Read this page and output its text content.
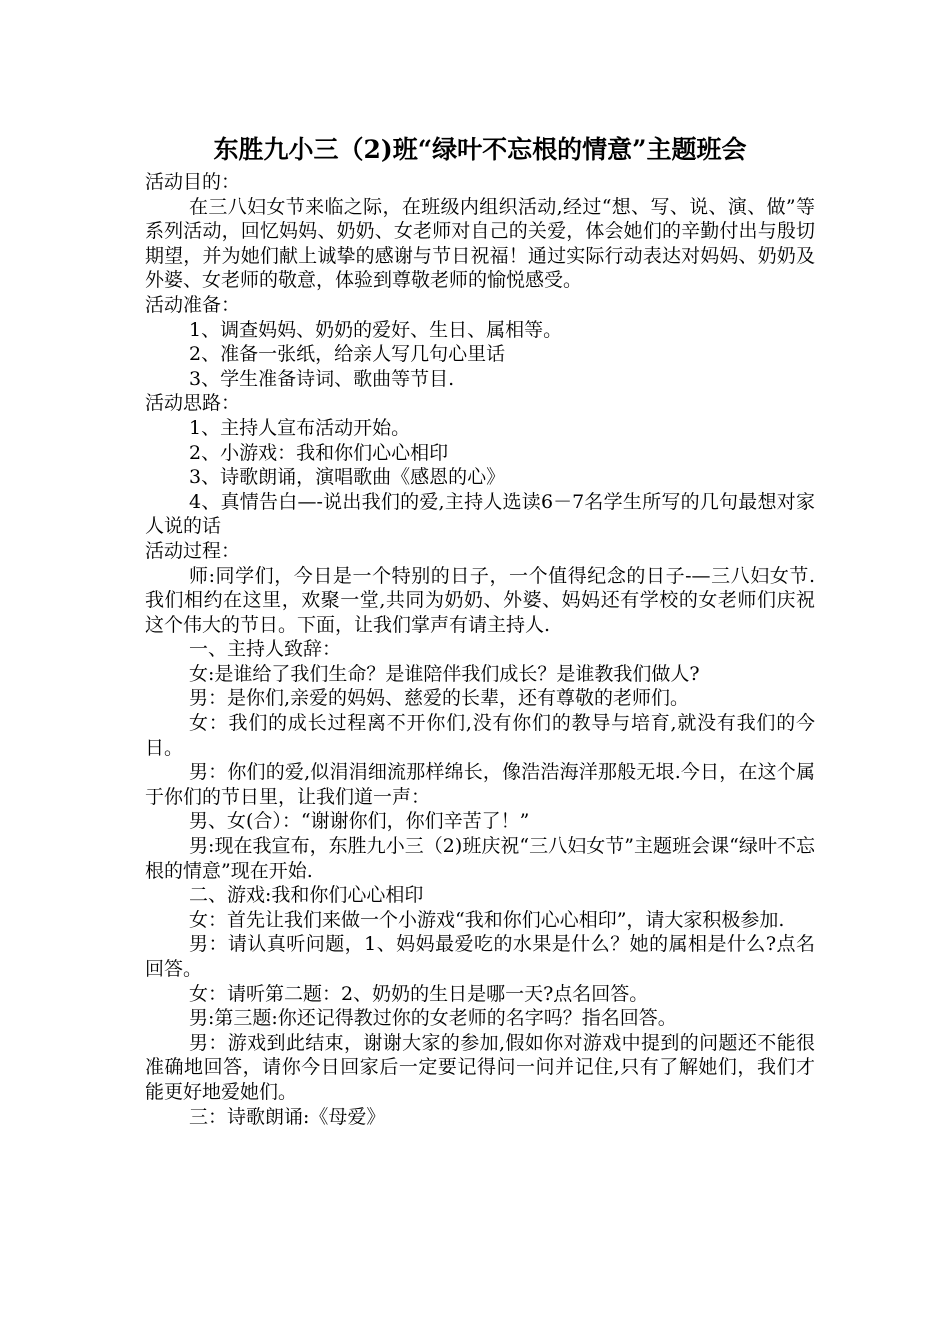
东胜九小三（2)班“绿叶不忘根的情意”主题班会

活动目的：

在三八妇女节来临之际，在班级内组织活动,经过“想、写、说、演、做”等系列活动，回忆妈妈、奶奶、女老师对自己的关爱，体会她们的辛勤付出与殷切期望，并为她们献上诚挚的感谢与节日祝福！通过实际行动表达对妈妈、奶奶及外婆、女老师的敬意，体验到尊敬老师的愉悦感受。

活动准备：

1、调查妈妈、奶奶的爱好、生日、属相等。

2、准备一张纸，给亲人写几句心里话

3、学生准备诗词、歌曲等节目.

活动思路：

1、主持人宣布活动开始。

2、小游戏：我和你们心心相印

3、诗歌朗诵，演唱歌曲《感恩的心》

4、真情告白—-说出我们的爱,主持人选读6－7名学生所写的几句最想对家人说的话

活动过程：

师:同学们，今日是一个特别的日子，一个值得纪念的日子-—三八妇女节.我们相约在这里，欢聚一堂,共同为奶奶、外婆、妈妈还有学校的女老师们庆祝这个伟大的节日。下面，让我们掌声有请主持人.

一、主持人致辞：

女:是谁给了我们生命？是谁陪伴我们成长？是谁教我们做人?

男：是你们,亲爱的妈妈、慈爱的长辈，还有尊敬的老师们。

女：我们的成长过程离不开你们,没有你们的教导与培育,就没有我们的今日。

男：你们的爱,似涓涓细流那样绵长，像浩浩海洋那般无垠.今日，在这个属于你们的节日里，让我们道一声：

男、女(合）：“谢谢你们，你们辛苦了！”

男:现在我宣布，东胜九小三（2)班庆祝“三八妇女节”主题班会课“绿叶不忘根的情意”现在开始.

二、游戏:我和你们心心相印

女：首先让我们来做一个小游戏“我和你们心心相印”，请大家积极参加.

男：请认真听问题，1、妈妈最爱吃的水果是什么？她的属相是什么?点名回答。

女：请听第二题：2、奶奶的生日是哪一天?点名回答。

男:第三题:你还记得教过你的女老师的名字吗？指名回答。

男：游戏到此结束，谢谢大家的参加,假如你对游戏中提到的问题还不能很准确地回答，请你今日回家后一定要记得问一问并记住,只有了解她们，我们才能更好地爱她们。

三：诗歌朗诵:《母爱》
